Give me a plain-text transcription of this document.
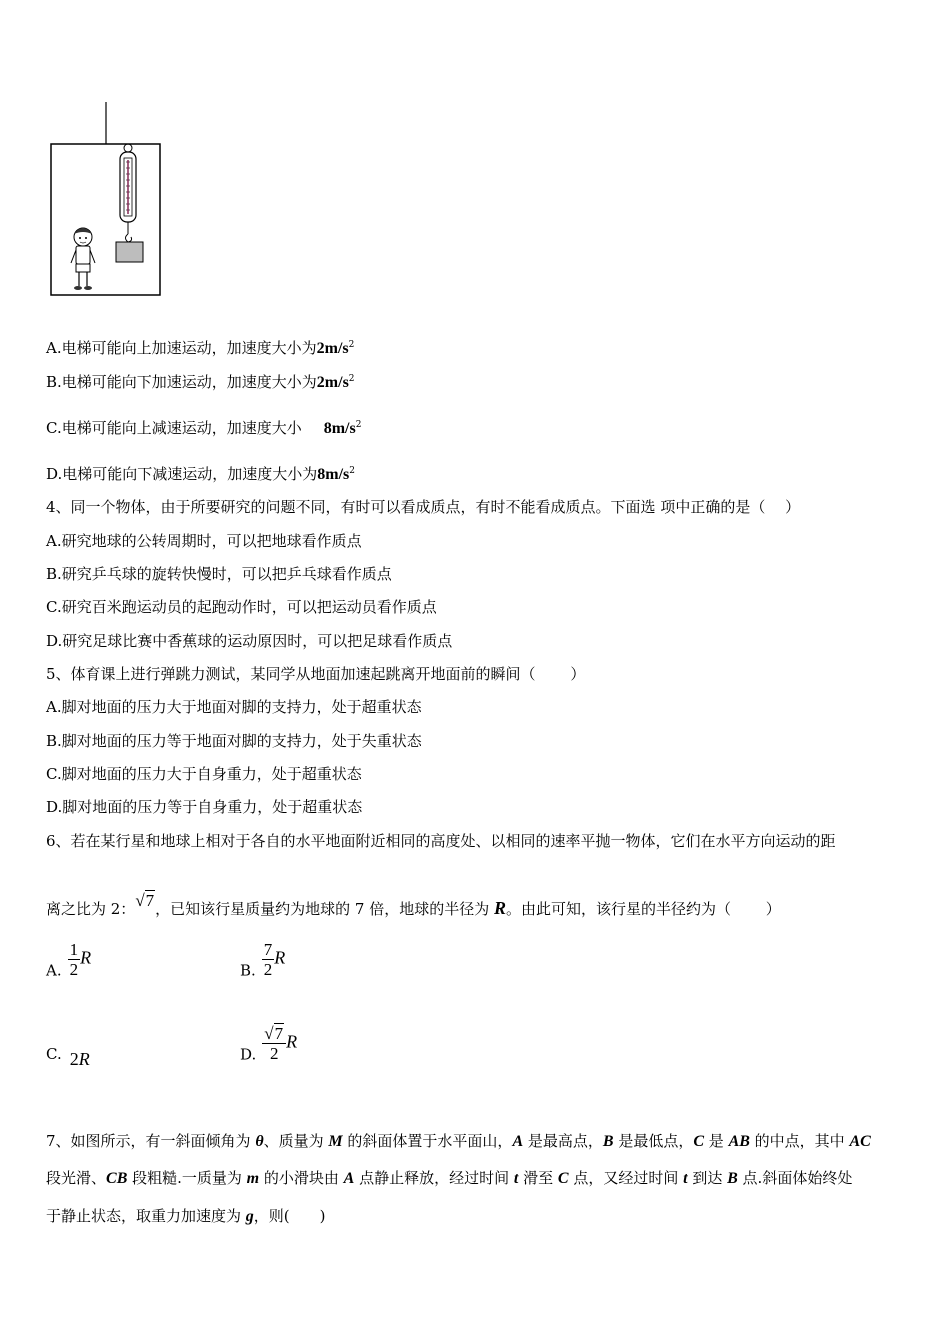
A.电梯可能向上加速运动，加速度大小为$2m/s^2$
B.电梯可能向下加速运动，加速度大小为$2m/s^2$
C.电梯可能向上减速运动，加速度大小 $8m/s^2$
D.电梯可能向下减速运动，加速度大小为$8m/s^2$
4、同一个物体，由于所要研究的问题不同，有时可以看成质点，有时不能看成质点。下面选 项中正确的是（　 ）
A.研究地球的公转周期时，可以把地球看作质点
B.研究乒乓球的旋转快慢时，可以把乒乓球看作质点
C.研究百米跑运动员的起跑动作时，可以把运动员看作质点
D.研究足球比赛中香蕉球的运动原因时，可以把足球看作质点
5、体育课上进行弹跳力测试，某同学从地面加速起跳离开地面前的瞬间（　　 ）
A.脚对地面的压力大于地面对脚的支持力，处于超重状态
B.脚对地面的压力等于地面对脚的支持力，处于失重状态
C.脚对地面的压力大于自身重力，处于超重状态
D.脚对地面的压力等于自身重力，处于超重状态
6、若在某行星和地球上相对于各自的水平地面附近相同的高度处、以相同的速率平抛一物体，它们在水平方向运动的距
离之比为 2：√7，已知该行星质量约为地球的 7 倍，地球的半径为 R。由此可知，该行星的半径约为（　　 ）
A. $\frac{1}{2}$ R
B. $\frac{7}{2}$ R
C. 2R	D. $\frac{√7}{2}$ R
7、如图所示，有一斜面倾角为 θ、质量为 M 的斜面体置于水平面山，A 是最高点，B 是最低点，C 是 AB 的中点，其中 AC
段光滑、CB 段粗糙.一质量为 m 的小滑块由 A 点静止释放，经过时间 t 滑至 C 点，又经过时间 t 到达 B 点.斜面体始终处
于静止状态，取重力加速度为 g，则(　　)
